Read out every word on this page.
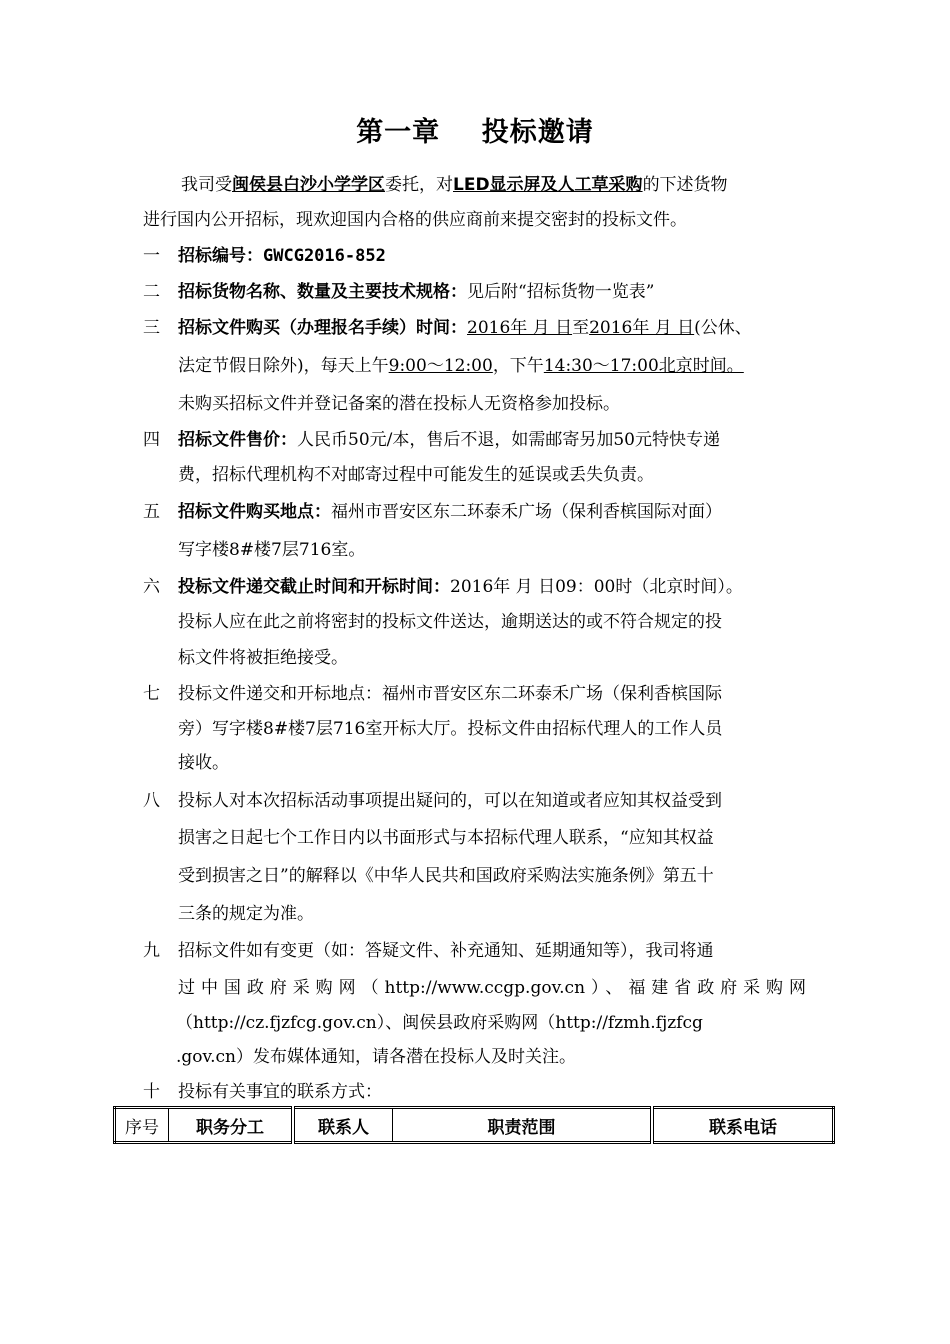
第一章    投标邀请
我司受闽侯县白沙小学学区委托，对LED显示屏及人工草采购的下述货物
进行国内公开招标，现欢迎国内合格的供应商前来提交密封的投标文件。
一 招标编号：GWCG2016-852
二 招标货物名称、数量及主要技术规格：见后附“招标货物一览表”
三 招标文件购买（办理报名手续）时间：2016年 月 日至2016年 月 日(公休、
法定节假日除外)，每天上午9:00～12:00，下午14:30～17:00北京时间。
未购买招标文件并登记备案的潜在投标人无资格参加投标。
四 招标文件售价：人民币50元/本，售后不退，如需邮寄另加50元特快专递
费，招标代理机构不对邮寄过程中可能发生的延误或丢失负责。
五 招标文件购买地点：福州市晋安区东二环泰禾广场（保利香槟国际对面）
写字楼8#楼7层716室。
六 投标文件递交截止时间和开标时间：2016年 月 日09：00时（北京时间）。
投标人应在此之前将密封的投标文件送达，逾期送达的或不符合规定的投
标文件将被拒绝接受。
七 投标文件递交和开标地点：福州市晋安区东二环泰禾广场（保利香槟国际
旁）写字楼8#楼7层716室开标大厅。投标文件由招标代理人的工作人员
接收。
八 投标人对本次招标活动事项提出疑问的，可以在知道或者应知其权益受到
损害之日起七个工作日内以书面形式与本招标代理人联系，“应知其权益
受到损害之日”的解释以《中华人民共和国政府采购法实施条例》第五十
三条的规定为准。
九 招标文件如有变更（如：答疑文件、补充通知、延期通知等），我司将通
过中国政府采购网（http://www.ccgp.gov.cn）、福建省政府采购网
（http://cz.fjzfcg.gov.cn）、闽侯县政府采购网（http://fzmh.fjzfcg
.gov.cn）发布媒体通知，请各潜在投标人及时关注。
十 投标有关事宜的联系方式：
序号	职务分工	联系人	职责范围	联系电话
